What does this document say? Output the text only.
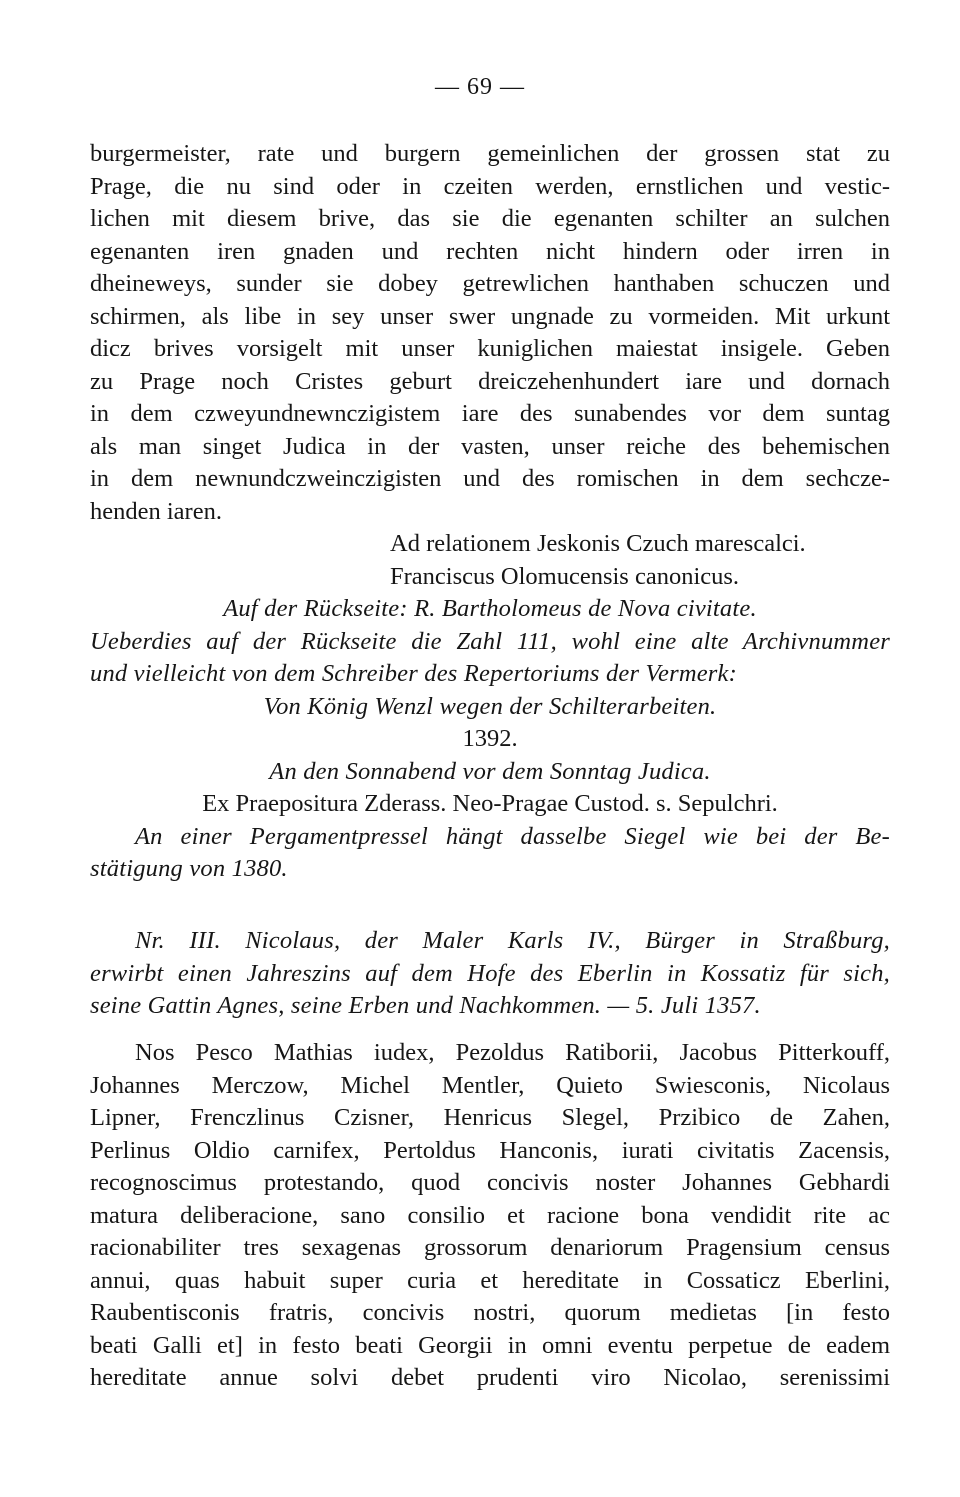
— 69 —
burgermeister, rate und burgern gemeinlichen der grossen stat zu
Prage, die nu sind oder in czeiten werden, ernstlichen und vestic-
lichen mit diesem brive, das sie die egenanten schilter an sulchen
egenanten iren gnaden und rechten nicht hindern oder irren in
dheineweys, sunder sie dobey getrewlichen hanthaben schuczen und
schirmen, als libe in sey unser swer ungnade zu vormeiden. Mit urkunt
dicz brives vorsigelt mit unser kuniglichen maiestat insigele. Geben
zu Prage noch Cristes geburt dreiczehenhundert iare und dornach
in dem czweyundnewnczigistem iare des sunabendes vor dem suntag
als man singet Judica in der vasten, unser reiche des behemischen
in dem newnundczweinczigisten und des romischen in dem sechcze-
henden iaren.
Ad relationem Jeskonis Czuch marescalci.
Franciscus Olomucensis canonicus.
Auf der Rückseite: R. Bartholomeus de Nova civitate.
Ueberdies auf der Rückseite die Zahl 111, wohl eine alte Archivnummer
und vielleicht von dem Schreiber des Repertoriums der Vermerk:
Von König Wenzl wegen der Schilterarbeiten.
1392.
An den Sonnabend vor dem Sonntag Judica.
Ex Praepositura Zderass. Neo-Pragae Custod. s. Sepulchri.
An einer Pergamentpressel hängt dasselbe Siegel wie bei der Be-
stätigung von 1380.
Nr. III. Nicolaus, der Maler Karls IV., Bürger in Straßburg,
erwirbt einen Jahreszins auf dem Hofe des Eberlin in Kossatiz für sich,
seine Gattin Agnes, seine Erben und Nachkommen. — 5. Juli 1357.
Nos Pesco Mathias iudex, Pezoldus Ratiborii, Jacobus Pitterkouff,
Johannes Merczow, Michel Mentler, Quieto Swiesconis, Nicolaus
Lipner, Frenczlinus Czisner, Henricus Slegel, Przibico de Zahen,
Perlinus Oldio carnifex, Pertoldus Hanconis, iurati civitatis Zacensis,
recognoscimus protestando, quod concivis noster Johannes Gebhardi
matura deliberacione, sano consilio et racione bona vendidit rite ac
racionabiliter tres sexagenas grossorum denariorum Pragensium census
annui, quas habuit super curia et hereditate in Cossaticz Eberlini,
Raubentisconis fratris, concivis nostri, quorum medietas [in festo
beati Galli et] in festo beati Georgii in omni eventu perpetue de eadem
hereditate annue solvi debet prudenti viro Nicolao, serenissimi
